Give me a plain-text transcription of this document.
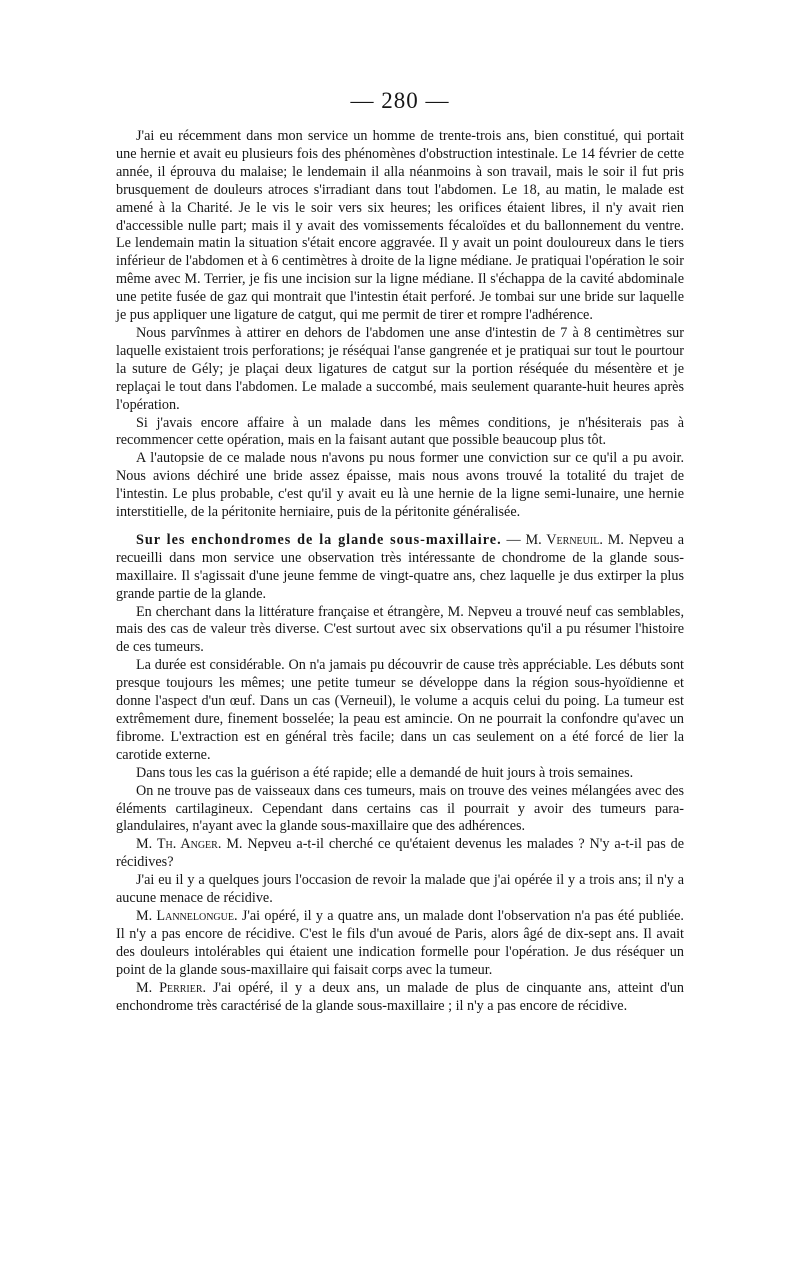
— 280 —

J'ai eu récemment dans mon service un homme de trente-trois ans, bien constitué, qui portait une hernie et avait eu plusieurs fois des phénomènes d'obstruction intestinale. Le 14 février de cette année, il éprouva du malaise; le lendemain il alla néanmoins à son travail, mais le soir il fut pris brusquement de douleurs atroces s'irradiant dans tout l'abdomen. Le 18, au matin, le malade est amené à la Charité. Je le vis le soir vers six heures; les orifices étaient libres, il n'y avait rien d'accessible nulle part; mais il y avait des vomissements fécaloïdes et du ballonnement du ventre. Le lendemain matin la situation s'était encore aggravée. Il y avait un point douloureux dans le tiers inférieur de l'abdomen et à 6 centimètres à droite de la ligne médiane. Je pratiquai l'opération le soir même avec M. Terrier, je fis une incision sur la ligne médiane. Il s'échappa de la cavité abdominale une petite fusée de gaz qui montrait que l'intestin était perforé. Je tombai sur une bride sur laquelle je pus appliquer une ligature de catgut, qui me permit de tirer et rompre l'adhérence.

Nous parvînmes à attirer en dehors de l'abdomen une anse d'intestin de 7 à 8 centimètres sur laquelle existaient trois perforations; je réséquai l'anse gangrenée et je pratiquai sur tout le pourtour la suture de Gély; je plaçai deux ligatures de catgut sur la portion réséquée du mésentère et je replaçai le tout dans l'abdomen. Le malade a succombé, mais seulement quarante-huit heures après l'opération.

Si j'avais encore affaire à un malade dans les mêmes conditions, je n'hésiterais pas à recommencer cette opération, mais en la faisant autant que possible beaucoup plus tôt.

A l'autopsie de ce malade nous n'avons pu nous former une conviction sur ce qu'il a pu avoir. Nous avions déchiré une bride assez épaisse, mais nous avons trouvé la totalité du trajet de l'intestin. Le plus probable, c'est qu'il y avait eu là une hernie de la ligne semi-lunaire, une hernie interstitielle, de la péritonite herniaire, puis de la péritonite généralisée.

Sur les enchondromes de la glande sous-maxillaire. — M. Verneuil. M. Nepveu a recueilli dans mon service une observation très intéressante de chondrome de la glande sous-maxillaire. Il s'agissait d'une jeune femme de vingt-quatre ans, chez laquelle je dus extirper la plus grande partie de la glande.

En cherchant dans la littérature française et étrangère, M. Nepveu a trouvé neuf cas semblables, mais des cas de valeur très diverse. C'est surtout avec six observations qu'il a pu résumer l'histoire de ces tumeurs.

La durée est considérable. On n'a jamais pu découvrir de cause très appréciable. Les débuts sont presque toujours les mêmes; une petite tumeur se développe dans la région sous-hyoïdienne et donne l'aspect d'un œuf. Dans un cas (Verneuil), le volume a acquis celui du poing. La tumeur est extrêmement dure, finement bosselée; la peau est amincie. On ne pourrait la confondre qu'avec un fibrome. L'extraction est en général très facile; dans un cas seulement on a été forcé de lier la carotide externe.

Dans tous les cas la guérison a été rapide; elle a demandé de huit jours à trois semaines.

On ne trouve pas de vaisseaux dans ces tumeurs, mais on trouve des veines mélangées avec des éléments cartilagineux. Cependant dans certains cas il pourrait y avoir des tumeurs para-glandulaires, n'ayant avec la glande sous-maxillaire que des adhérences.

M. Th. Anger. M. Nepveu a-t-il cherché ce qu'étaient devenus les malades ? N'y a-t-il pas de récidives?

J'ai eu il y a quelques jours l'occasion de revoir la malade que j'ai opérée il y a trois ans; il n'y a aucune menace de récidive.

M. Lannelongue. J'ai opéré, il y a quatre ans, un malade dont l'observation n'a pas été publiée. Il n'y a pas encore de récidive. C'est le fils d'un avoué de Paris, alors âgé de dix-sept ans. Il avait des douleurs intolérables qui étaient une indication formelle pour l'opération. Je dus réséquer un point de la glande sous-maxillaire qui faisait corps avec la tumeur.

M. Perrier. J'ai opéré, il y a deux ans, un malade de plus de cinquante ans, atteint d'un enchondrome très caractérisé de la glande sous-maxillaire ; il n'y a pas encore de récidive.
